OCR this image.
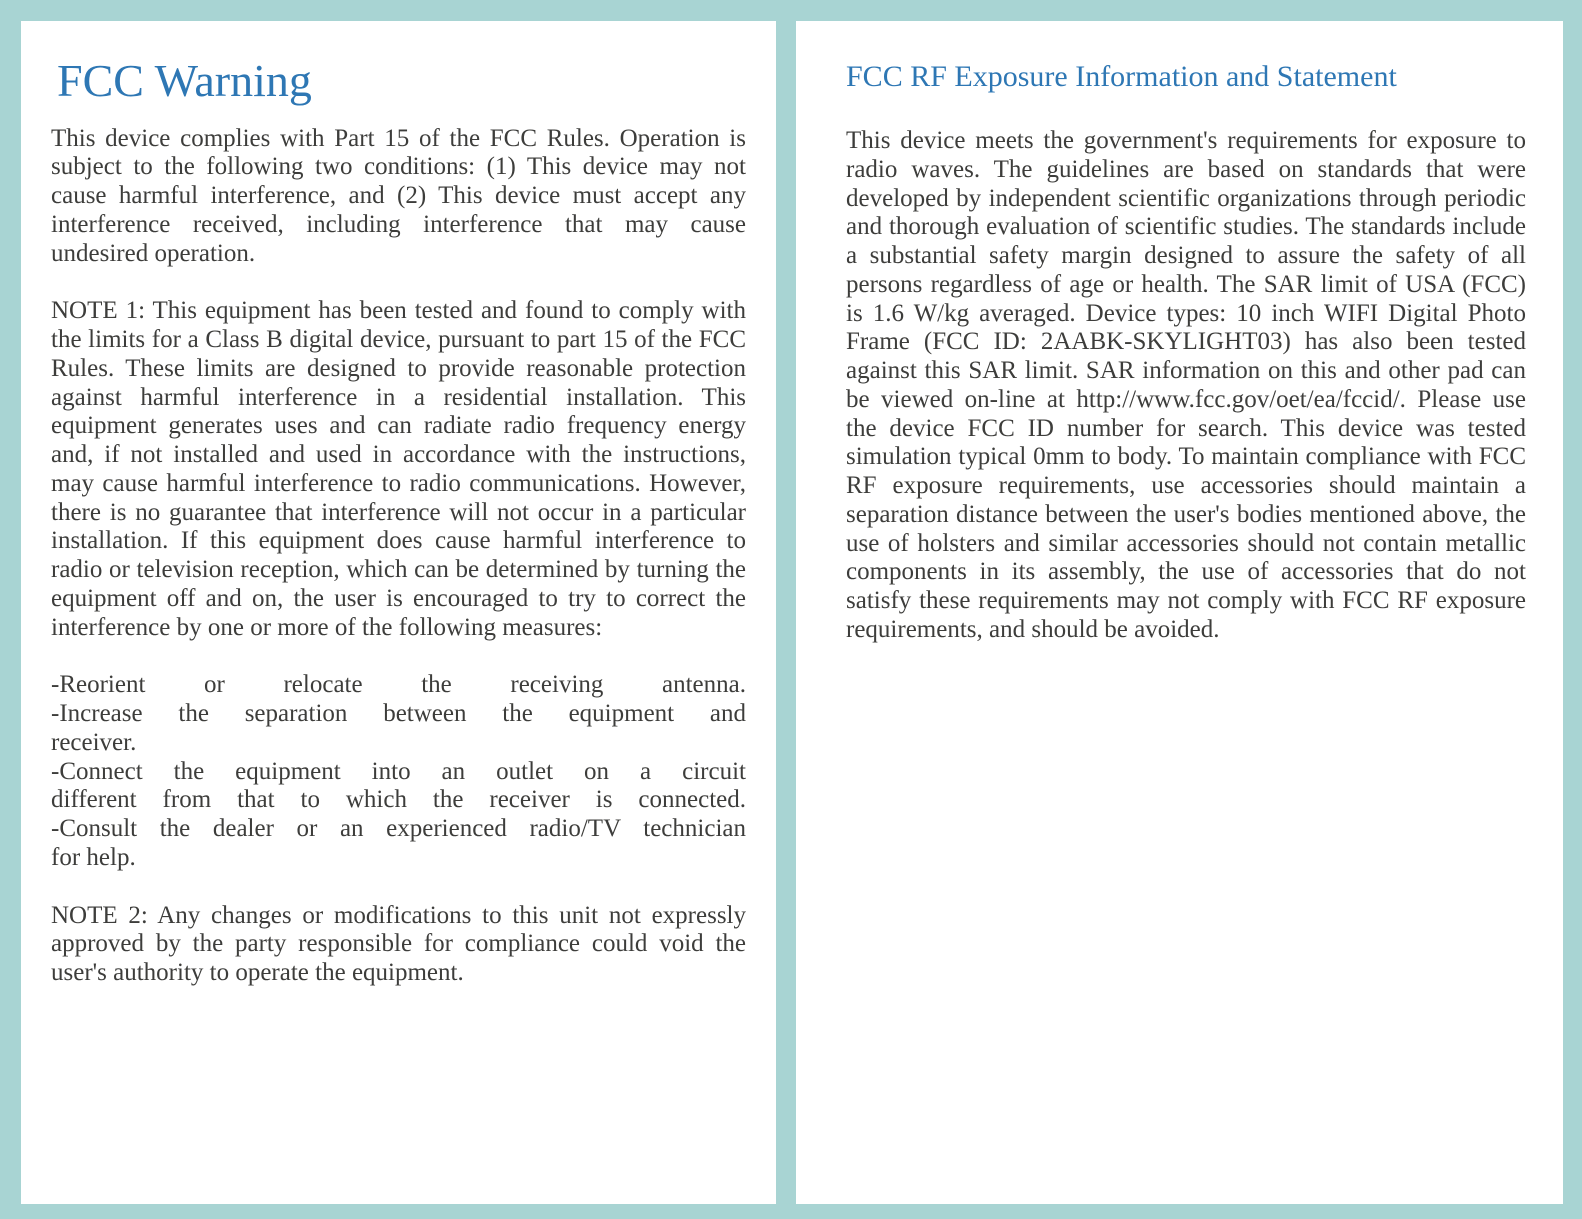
FCC Warning

This device complies with Part 15 of the FCC Rules. Operation is subject to the following two conditions: (1) This device may not cause harmful interference, and (2) This device must accept any interference received, including interference that may cause undesired operation.

NOTE 1: This equipment has been tested and found to comply with the limits for a Class B digital device, pursuant to part 15 of the FCC Rules. These limits are designed to provide reasonable protection against harmful interference in a residential installation. This equipment generates uses and can radiate radio frequency energy and, if not installed and used in accordance with the instructions, may cause harmful interference to radio communications. However, there is no guarantee that interference will not occur in a particular installation. If this equipment does cause harmful interference to radio or television reception, which can be determined by turning the equipment off and on, the user is encouraged to try to correct the interference by one or more of the following measures:

-Reorient or relocate the receiving antenna.
-Increase the separation between the equipment and
receiver.
-Connect the equipment into an outlet on a circuit
different from that to which the receiver is connected.
-Consult the dealer or an experienced radio/TV technician
for help.

NOTE 2: Any changes or modifications to this unit not expressly approved by the party responsible for compliance could void the user's authority to operate the equipment.

FCC RF Exposure Information and Statement

This device meets the government's requirements for exposure to radio waves. The guidelines are based on standards that were developed by independent scientific organizations through periodic and thorough evaluation of scientific studies. The standards include a substantial safety margin designed to assure the safety of all persons regardless of age or health. The SAR limit of USA (FCC) is 1.6 W/kg averaged. Device types: 10 inch WIFI Digital Photo Frame (FCC ID: 2AABK-SKYLIGHT03) has also been tested against this SAR limit. SAR information on this and other pad can be viewed on-line at http://www.fcc.gov/oet/ea/fccid/. Please use the device FCC ID number for search. This device was tested simulation typical 0mm to body. To maintain compliance with FCC RF exposure requirements, use accessories should maintain a separation distance between the user's bodies mentioned above, the use of holsters and similar accessories should not contain metallic components in its assembly, the use of accessories that do not satisfy these requirements may not comply with FCC RF exposure requirements, and should be avoided.
